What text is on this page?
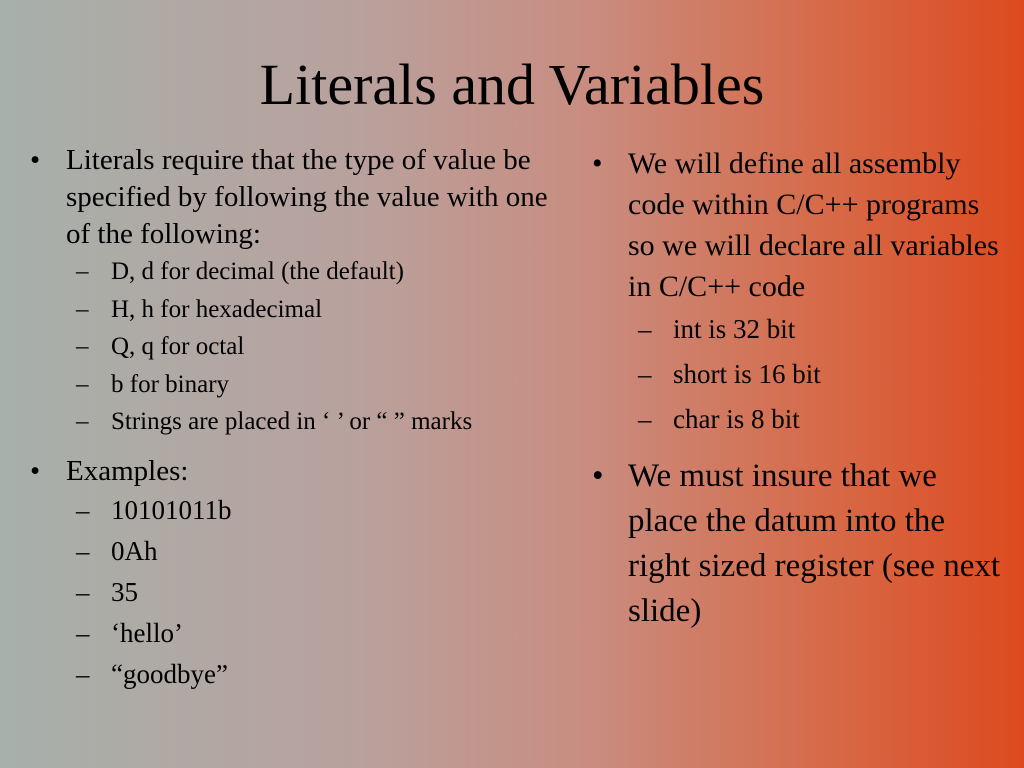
Literals and Variables
• Literals require that the type of value be specified by following the value with one of the following:
– D, d for decimal (the default)
– H, h for hexadecimal
– Q, q for octal
– b for binary
– Strings are placed in ‘ ’ or “ ” marks
• Examples:
– 10101011b
– 0Ah
– 35
– ‘hello’
– “goodbye”
• We will define all assembly code within C/C++ programs so we will declare all variables in C/C++ code
– int is 32 bit
– short is 16 bit
– char is 8 bit
• We must insure that we place the datum into the right sized register (see next slide)
